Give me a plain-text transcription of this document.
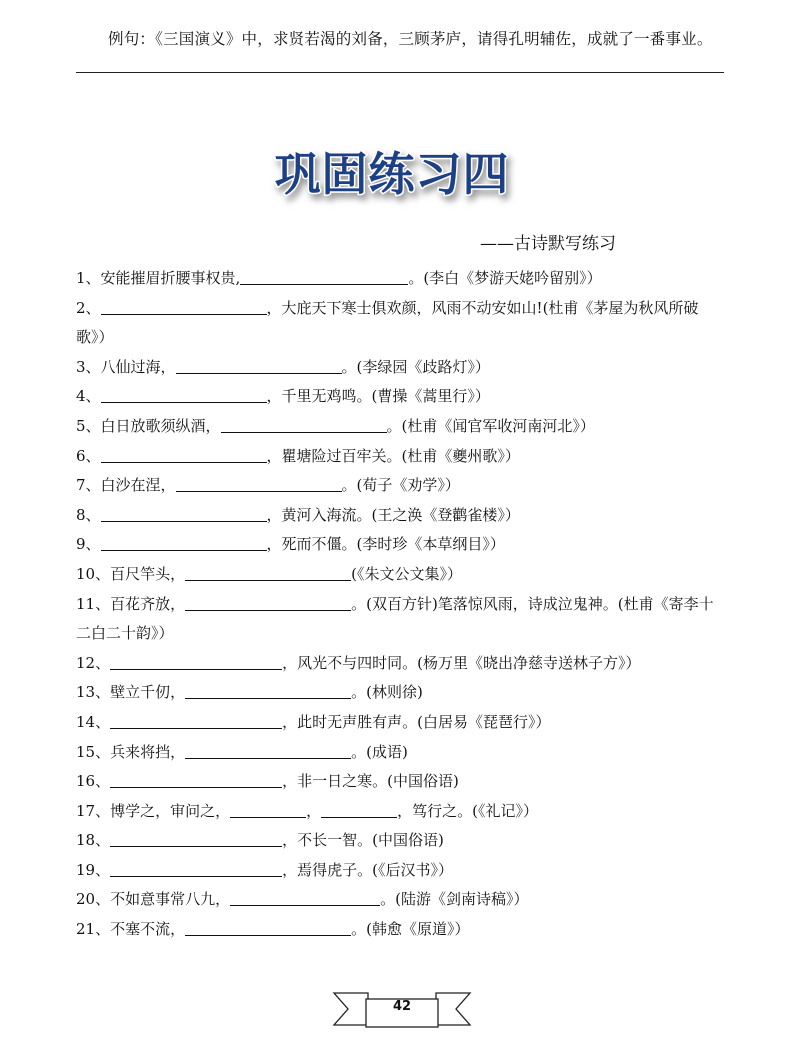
例句：《三国演义》中，求贤若渴的刘备，三顾茅庐，请得孔明辅佐，成就了一番事业。
巩固练习四
——古诗默写练习
1、安能摧眉折腰事权贵,	。(李白《梦游天姥吟留别》）
2、	，大庇天下寒士俱欢颜，风雨不动安如山!(杜甫《茅屋为秋风所破歌》）
3、八仙过海，	。(李绿园《歧路灯》）
4、	，千里无鸡鸣。(曹操《蒿里行》）
5、白日放歌须纵酒，	。(杜甫《闻官军收河南河北》）
6、	，瞿塘险过百牢关。(杜甫《夔州歌》）
7、白沙在涅，	。(荀子《劝学》）
8、	，黄河入海流。(王之涣《登鹳雀楼》）
9、	，死而不僵。(李时珍《本草纲目》）
10、百尺竿头，	(《朱文公文集》）
11、百花齐放，	。(双百方针)笔落惊风雨，诗成泣鬼神。(杜甫《寄李十二白二十韵》）
12、	，风光不与四时同。(杨万里《晓出净慈寺送林子方》）
13、壁立千仞，	。(林则徐)
14、	，此时无声胜有声。(白居易《琵琶行》）
15、兵来将挡，	。(成语)
16、	，非一日之寒。(中国俗语)
17、博学之，审问之，	，	，笃行之。(《礼记》）
18、	，不长一智。(中国俗语)
19、	，焉得虎子。(《后汉书》）
20、不如意事常八九，	。(陆游《剑南诗稿》）
21、不塞不流，	。(韩愈《原道》）
42
